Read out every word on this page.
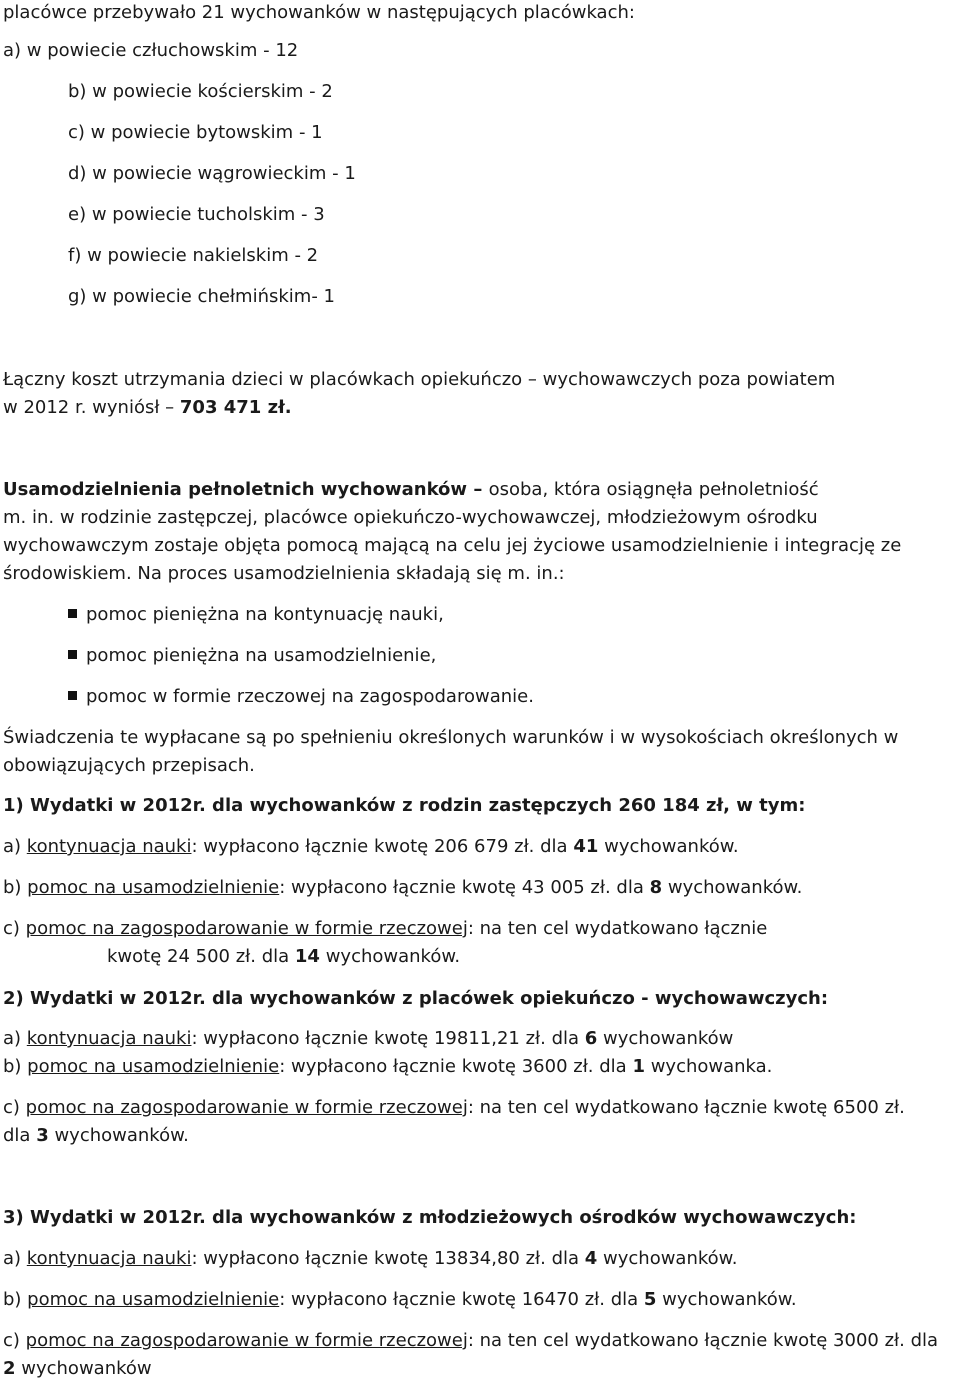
placówce przebywało 21 wychowanków w następujących placówkach:
a) w powiecie człuchowskim - 12
b) w powiecie kościerskim - 2
c) w powiecie bytowskim - 1
d) w powiecie wągrowieckim - 1
e) w powiecie tucholskim - 3
f) w powiecie nakielskim - 2
g) w powiecie chełmińskim- 1
Łączny koszt utrzymania dzieci w placówkach opiekuńczo – wychowawczych poza powiatem
w 2012 r. wyniósł – 703 471 zł.
Usamodzielnienia pełnoletnich wychowanków – osoba, która osiągnęła pełnoletniość
m. in. w rodzinie zastępczej, placówce opiekuńczo-wychowawczej, młodzieżowym ośrodku
wychowawczym zostaje objęta pomocą mającą na celu jej życiowe usamodzielnienie i integrację ze
środowiskiem. Na proces usamodzielnienia składają się m. in.:
pomoc pieniężna na kontynuację nauki,
pomoc pieniężna na usamodzielnienie,
pomoc w formie rzeczowej na zagospodarowanie.
Świadczenia te wypłacane są po spełnieniu określonych warunków i w wysokościach określonych w
obowiązujących przepisach.
1) Wydatki w 2012r. dla wychowanków z rodzin zastępczych 260 184 zł, w tym:
a) kontynuacja nauki: wypłacono łącznie kwotę 206 679 zł. dla 41 wychowanków.
b) pomoc na usamodzielnienie: wypłacono łącznie kwotę 43 005 zł. dla 8 wychowanków.
c) pomoc na zagospodarowanie w formie rzeczowej: na ten cel wydatkowano łącznie
kwotę 24 500 zł. dla 14 wychowanków.
2) Wydatki w 2012r. dla wychowanków z placówek opiekuńczo - wychowawczych:
a) kontynuacja nauki: wypłacono łącznie kwotę 19811,21 zł. dla 6 wychowanków
b) pomoc na usamodzielnienie: wypłacono łącznie kwotę 3600 zł. dla 1 wychowanka.
c) pomoc na zagospodarowanie w formie rzeczowej: na ten cel wydatkowano łącznie kwotę 6500 zł.
dla 3 wychowanków.
3) Wydatki w 2012r. dla wychowanków z młodzieżowych ośrodków wychowawczych:
a) kontynuacja nauki: wypłacono łącznie kwotę 13834,80 zł. dla 4 wychowanków.
b) pomoc na usamodzielnienie: wypłacono łącznie kwotę 16470 zł. dla 5 wychowanków.
c) pomoc na zagospodarowanie w formie rzeczowej: na ten cel wydatkowano łącznie kwotę 3000 zł. dla
2 wychowanków
